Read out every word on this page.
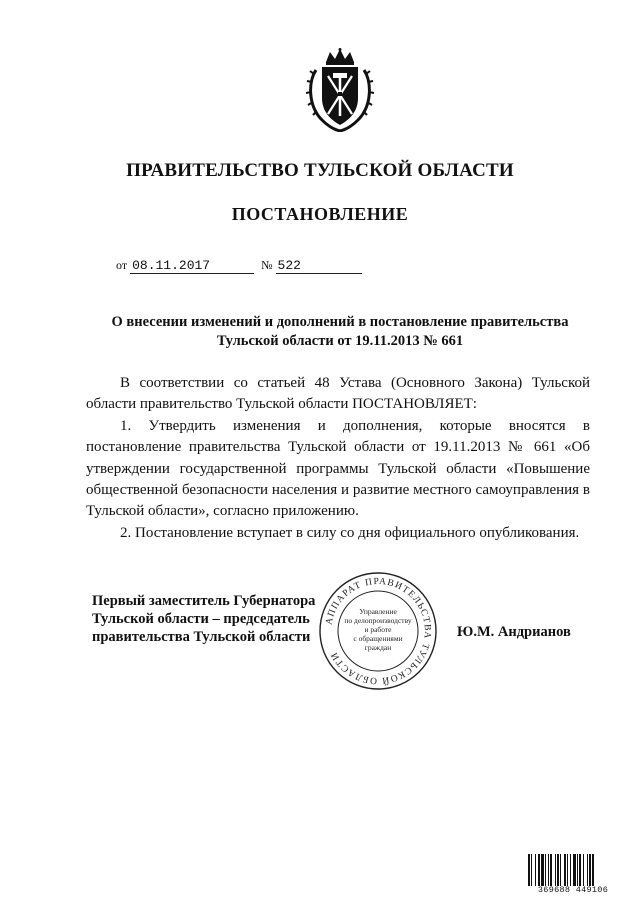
ПРАВИТЕЛЬСТВО ТУЛЬСКОЙ ОБЛАСТИ
ПОСТАНОВЛЕНИЕ
от 08.11.2017	№ 522
О внесении изменений и дополнений в постановление правительства
Тульской области от 19.11.2013 № 661

В соответствии со статьей 48 Устава (Основного Закона) Тульской области правительство Тульской области ПОСТАНОВЛЯЕТ:

1. Утвердить изменения и дополнения, которые вносятся в постановление правительства Тульской области от 19.11.2013 № 661 «Об утверждении государственной программы Тульской области «Повышение общественной безопасности населения и развитие местного самоуправления в Тульской области», согласно приложению.

2. Постановление вступает в силу со дня официального опубликования.

Первый заместитель Губернатора
Тульской области – председатель
правительства Тульской области	Ю.М. Андрианов
АППАРАТ ПРАВИТЕЛЬСТВА ТУЛЬСКОЙ ОБЛАСТИ
Управление
по делопроизводству
и работе
с обращениями
граждан
369688 449106
